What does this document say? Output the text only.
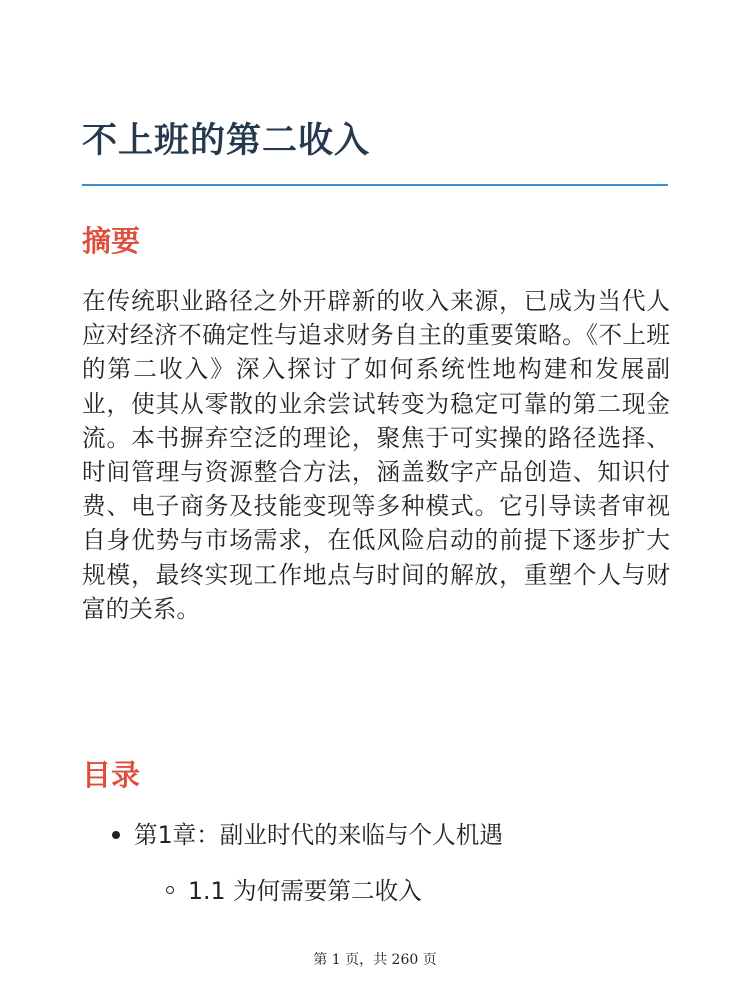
不上班的第二收入
摘要

在传统职业路径之外开辟新的收入来源，已成为当代人应对经济不确定性与追求财务自主的重要策略。《不上班的第二收入》深入探讨了如何系统性地构建和发展副业，使其从零散的业余尝试转变为稳定可靠的第二现金流。本书摒弃空泛的理论，聚焦于可实操的路径选择、时间管理与资源整合方法，涵盖数字产品创造、知识付费、电子商务及技能变现等多种模式。它引导读者审视自身优势与市场需求，在低风险启动的前提下逐步扩大规模，最终实现工作地点与时间的解放，重塑个人与财富的关系。

目录
第1章：副业时代的来临与个人机遇
1.1 为何需要第二收入
第 1 页，共 260 页
